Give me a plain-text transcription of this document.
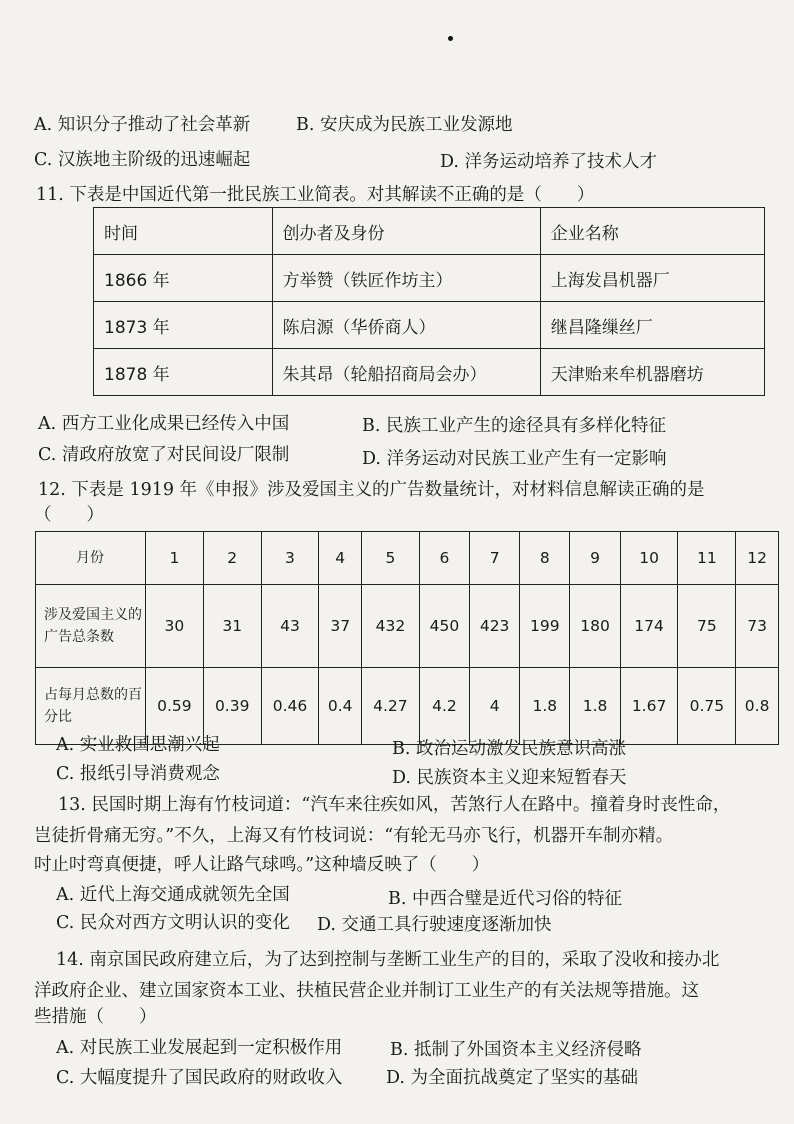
A. 知识分子推动了社会革新	B. 安庆成为民族工业发源地
C. 汉族地主阶级的迅速崛起	D. 洋务运动培养了技术人才
11. 下表是中国近代第一批民族工业简表。对其解读不正确的是（　　）
时间	创办者及身份	企业名称
1866 年	方举赞（铁匠作坊主）	上海发昌机器厂
1873 年	陈启源（华侨商人）	继昌隆缫丝厂
1878 年	朱其昂（轮船招商局会办）	天津贻来牟机器磨坊
A. 西方工业化成果已经传入中国	B. 民族工业产生的途径具有多样化特征
C. 清政府放宽了对民间设厂限制	D. 洋务运动对民族工业产生有一定影响
12. 下表是 1919 年《申报》涉及爱国主义的广告数量统计，对材料信息解读正确的是
（　　）
月份	1	2	3	4	5	6	7	8	9	10	11	12
涉及爱国主义的广告总条数	30	31	43	37	432	450	423	199	180	174	75	73
占每月总数的百分比	0.59	0.39	0.46	0.4	4.27	4.2	4	1.8	1.8	1.67	0.75	0.8
A. 实业救国思潮兴起	B. 政治运动激发民族意识高涨
C. 报纸引导消费观念	D. 民族资本主义迎来短暂春天
13. 民国时期上海有竹枝词道：“汽车来往疾如风，苦煞行人在路中。撞着身时丧性命，
岂徒折骨痛无穷。”不久，上海又有竹枝词说：“有轮无马亦飞行，机器开车制亦精。
吋止吋弯真便捷，呼人让路气球鸣。”这种墙反映了（　　）
A. 近代上海交通成就领先全国	B. 中西合璧是近代习俗的特征
C. 民众对西方文明认识的变化 D. 交通工具行驶速度逐渐加快
14. 南京国民政府建立后，为了达到控制与垄断工业生产的目的，采取了没收和接办北
洋政府企业、建立国家资本工业、扶植民营企业并制订工业生产的有关法规等措施。这
些措施（　　）
A. 对民族工业发展起到一定积极作用	B. 抵制了外国资本主义经济侵略
C. 大幅度提升了国民政府的财政收入 D. 为全面抗战奠定了坚实的基础
